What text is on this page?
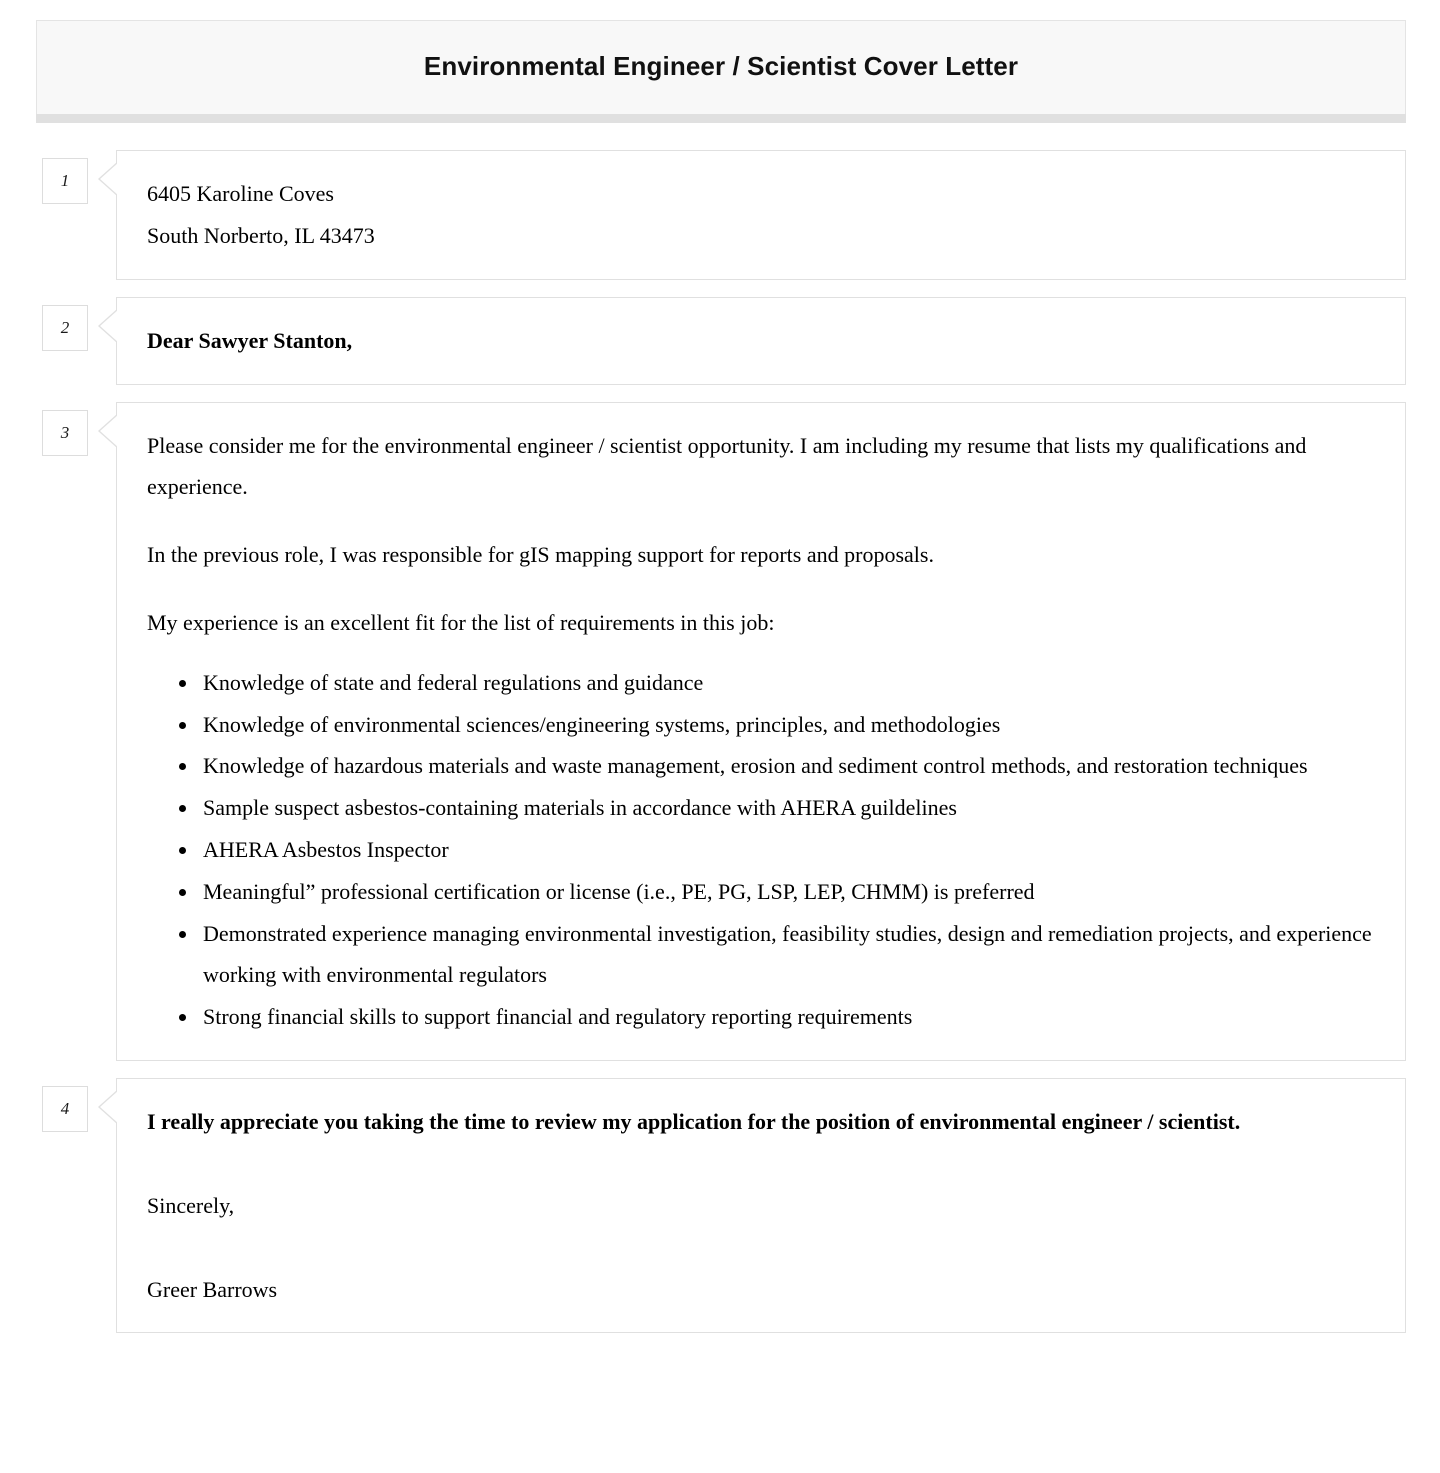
Environmental Engineer / Scientist Cover Letter
1

6405 Karoline Coves
South Norberto, IL 43473

2

Dear Sawyer Stanton,

3

Please consider me for the environmental engineer / scientist opportunity. I am including my resume that lists my qualifications and experience.

In the previous role, I was responsible for gIS mapping support for reports and proposals.

My experience is an excellent fit for the list of requirements in this job:

• Knowledge of state and federal regulations and guidance
• Knowledge of environmental sciences/engineering systems, principles, and methodologies
• Knowledge of hazardous materials and waste management, erosion and sediment control methods, and restoration techniques
• Sample suspect asbestos-containing materials in accordance with AHERA guildelines
• AHERA Asbestos Inspector
• Meaningful” professional certification or license (i.e., PE, PG, LSP, LEP, CHMM) is preferred
• Demonstrated experience managing environmental investigation, feasibility studies, design and remediation projects, and experience working with environmental regulators
• Strong financial skills to support financial and regulatory reporting requirements
4

I really appreciate you taking the time to review my application for the position of environmental engineer / scientist.

Sincerely,

Greer Barrows
